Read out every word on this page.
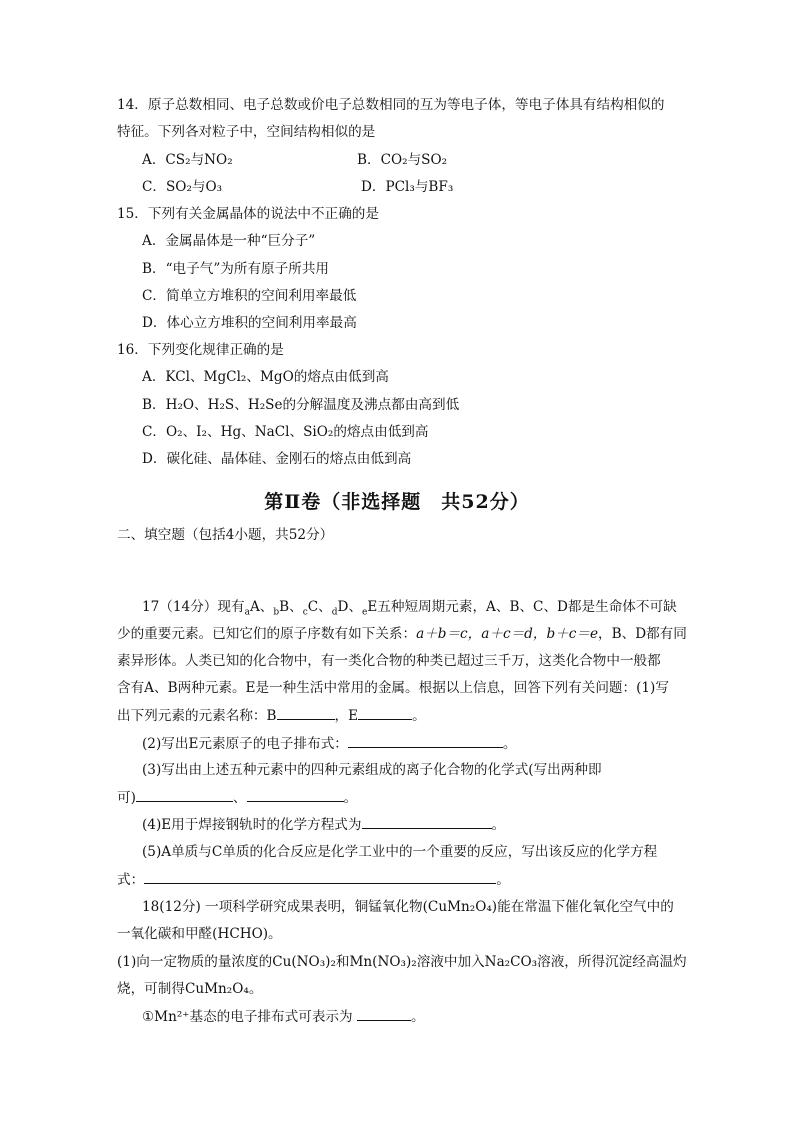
14．原子总数相同、电子总数或价电子总数相同的互为等电子体，等电子体具有结构相似的
特征。下列各对粒子中，空间结构相似的是
A．CS₂与NO₂	B．CO₂与SO₂
C．SO₂与O₃	D．PCl₃与BF₃
15．下列有关金属晶体的说法中不正确的是
A．金属晶体是一种“巨分子”
B．“电子气”为所有原子所共用
C．简单立方堆积的空间利用率最低
D．体心立方堆积的空间利用率最高
16．下列变化规律正确的是
A．KCl、MgCl₂、MgO的熔点由低到高
B．H₂O、H₂S、H₂Se的分解温度及沸点都由高到低
C．O₂、I₂、Hg、NaCl、SiO₂的熔点由低到高
D．碳化硅、晶体硅、金刚石的熔点由低到高
第Ⅱ卷（非选择题　共52分）
二、填空题（包括4小题，共52分）
17（14分）现有$_a$A、$_b$B、$_c$C、$_d$D、$_e$E五种短周期元素，A、B、C、D都是生命体不可缺
少的重要元素。已知它们的原子序数有如下关系：a＋b＝c，a＋c＝d，b＋c＝e，B、D都有同
素异形体。人类已知的化合物中，有一类化合物的种类已超过三千万，这类化合物中一般都
含有A、B两种元素。E是一种生活中常用的金属。根据以上信息，回答下列有关问题：(1)写
出下列元素的元素名称：B	，E	。
(2)写出E元素原子的电子排布式：	。
(3)写出由上述五种元素中的四种元素组成的离子化合物的化学式(写出两种即
可)	、	。
(4)E用于焊接钢轨时的化学方程式为	。
(5)A单质与C单质的化合反应是化学工业中的一个重要的反应，写出该反应的化学方程
式：	。
18(12分) 一项科学研究成果表明，铜锰氧化物(CuMn₂O₄)能在常温下催化氧化空气中的
一氧化碳和甲醛(HCHO)。
(1)向一定物质的量浓度的Cu(NO₃)₂和Mn(NO₃)₂溶液中加入Na₂CO₃溶液，所得沉淀经高温灼
烧，可制得CuMn₂O₄。
①Mn²⁺基态的电子排布式可表示为	。
